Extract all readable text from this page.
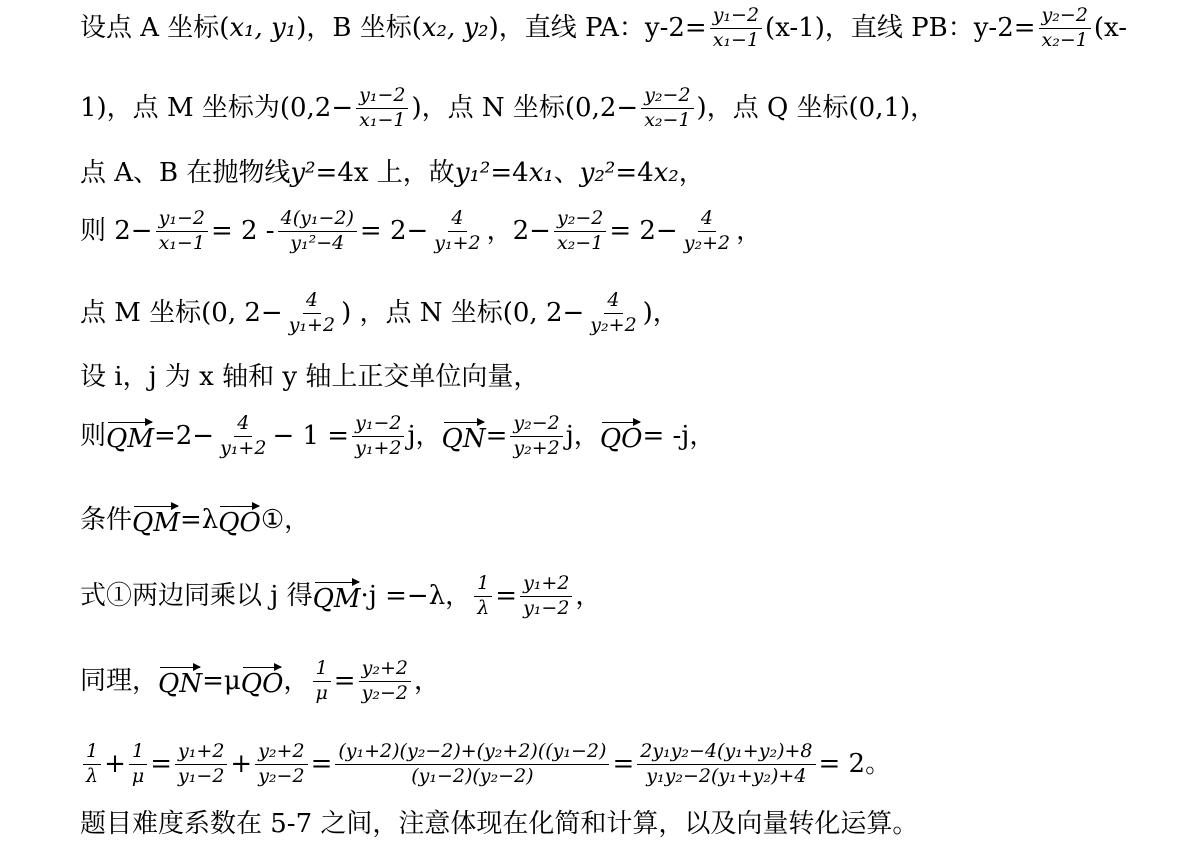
设点 A 坐标( x₁, y₁ )，B 坐标( x₂, y₂ )，直线 PA：$y-2= \frac{\text{y₁−2}}{\text{x₁−1}} (x-1)$，直线 PB：$y-2= \frac{\text{y₂−2}}{\text{x₂−1}} (x-$
1)，点 M 坐标为($0,2- \frac{\text{y₁−2}}{\text{x₁−1}}$ )，点 N 坐标($0,2- \frac{\text{y₂−2}}{\text{x₂−1}}$ )，点 Q 坐标(0,1)，
点 A、B 在抛物线 y² =4x 上，故 y₁² =4 x₁ 、 y₂² =4 x₂ ，
则 $2- \frac{\text{y₁−2}}{\text{x₁−1}} = 2 - \frac{\text{4(y₁−2)}}{\text{y₁²−4}} = 2- \frac{4}{\text{y₁+2}}$ ，$2- \frac{\text{y₂−2}}{\text{x₂−1}} = 2- \frac{4}{\text{y₂+2}}$ ，
点 M 坐标(0, $2- \frac{4}{\text{y₁+2}}$ ) ，点 N 坐标(0, $2- \frac{4}{\text{y₂+2}}$ )，
设 i，j 为 x 轴和 y 轴上正交单位向量，
则 QM $=2- \frac{4}{\text{y₁+2}} - 1 = \frac{\text{y₁−2}}{\text{y₁+2}}$ j， QN = $\frac{\text{y₂−2}}{\text{y₂+2}}$ j， QO = -j，
条件 QM =λ QO ①，
式①两边同乘以 j 得 QM ·j =−λ， $\frac{1}{\lambda} = \frac{\text{y₁+2}}{\text{y₁−2}}$ ，
同理， QN =μ QO ， $\frac{1}{\mu} = \frac{\text{y₂+2}}{\text{y₂−2}}$ ，
$\frac{1}{\lambda} + \frac{1}{\mu} = \frac{\text{y₁+2}}{\text{y₁−2}} + \frac{\text{y₂+2}}{\text{y₂−2}} = \frac{\text{(y₁+2)(y₂−2)+(y₂+2)((y₁−2)}}{\text{(y₁−2)(y₂−2)}} = \frac{\text{2y₁y₂−4(y₁+y₂)+8}}{\text{y₁y₂−2(y₁+y₂)+4}} = 2$。
题目难度系数在 5-7 之间，注意体现在化简和计算，以及向量转化运算。
